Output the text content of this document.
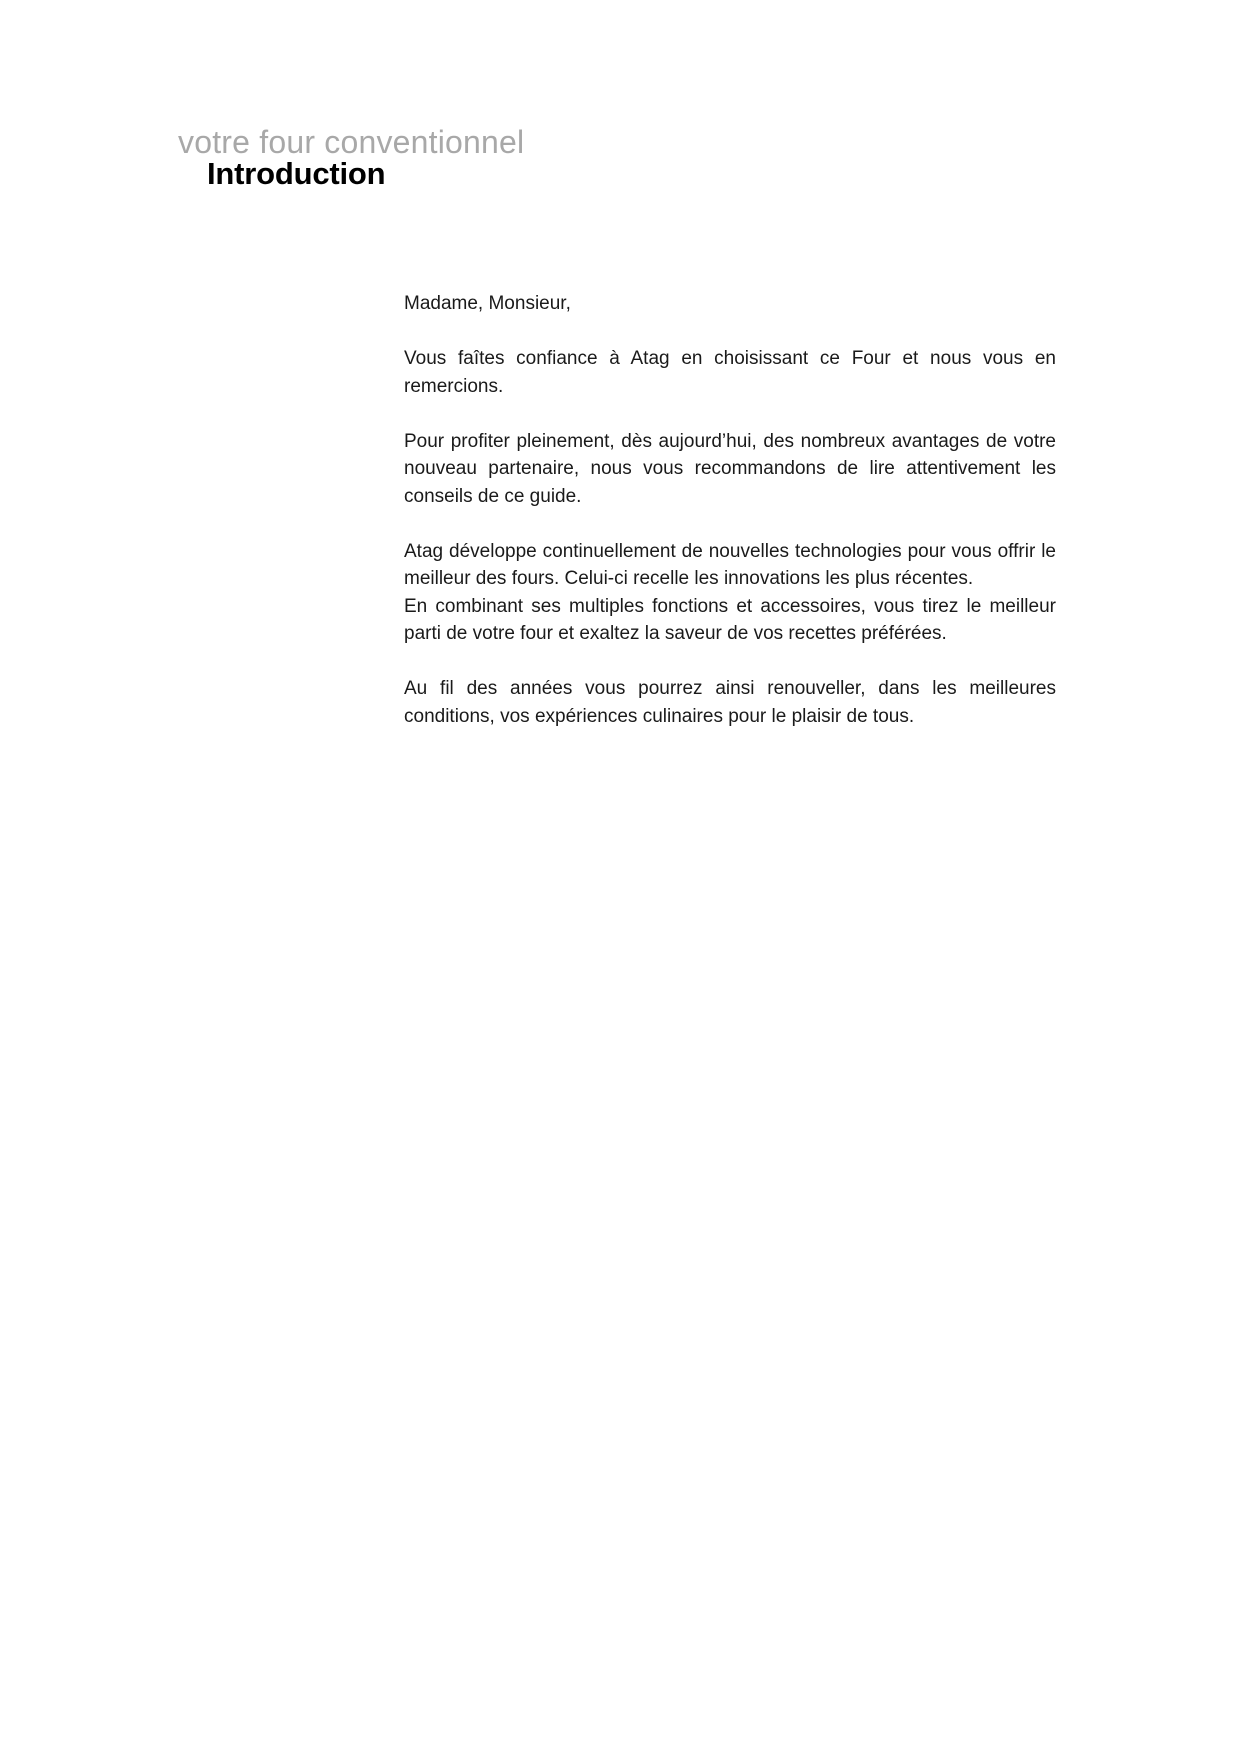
votre four conventionnel
Introduction

Madame, Monsieur,

Vous faîtes confiance à Atag en choisissant ce Four et nous vous en remercions.

Pour profiter pleinement, dès aujourd’hui, des nombreux avantages de votre nouveau partenaire, nous vous recommandons de lire attentivement les conseils de ce guide.

Atag développe continuellement de nouvelles technologies pour vous offrir le meilleur des fours. Celui-ci recelle les innovations les plus récentes.
En combinant ses multiples fonctions et accessoires, vous tirez le meilleur parti de votre four et exaltez la saveur de vos recettes préférées.

Au fil des années vous pourrez ainsi renouveller, dans les meilleures conditions, vos expériences culinaires pour le plaisir de tous.
